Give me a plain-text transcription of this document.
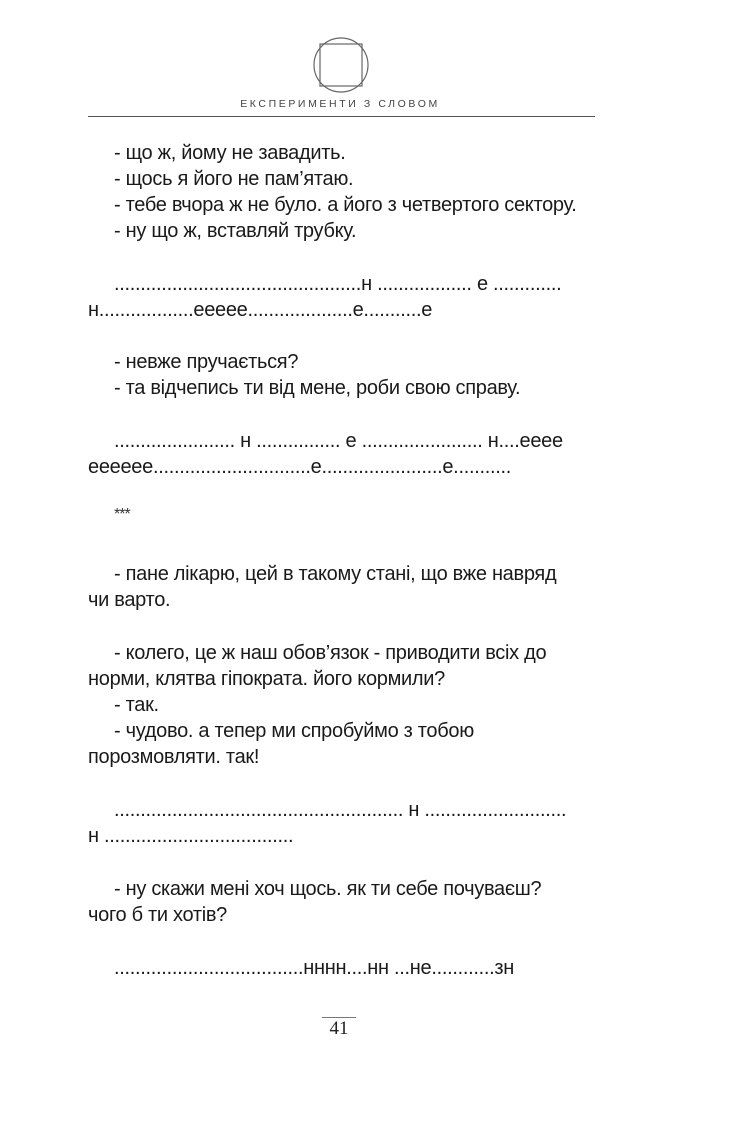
ЕКСПЕРИМЕНТИ З СЛОВОМ
- що ж, йому не завадить.
- щось я його не пам’ятаю.
- тебе вчора ж не було. а його з четвертого сектору.
- ну що ж, вставляй трубку.
...............................................н .................. е .............
н..................еееее....................е...........е
- невже пручається?
- та відчепись ти від мене, роби свою справу.
....................... н ................ е ....................... н....ееее
ееееее..............................е.......................е...........
- пане лікарю, цей в такому стані, що вже навряд
чи варто.
- колего, це ж наш обов’язок - приводити всіх до
норми, клятва гіпократа. його кормили?
- так.
- чудово. а тепер ми спробуймо з тобою
порозмовляти. так!
....................................................... н ...........................
н ....................................
- ну скажи мені хоч щось. як ти себе почуваєш?
чого б ти хотів?
....................................нннн....нн ...не............зн
***
41
